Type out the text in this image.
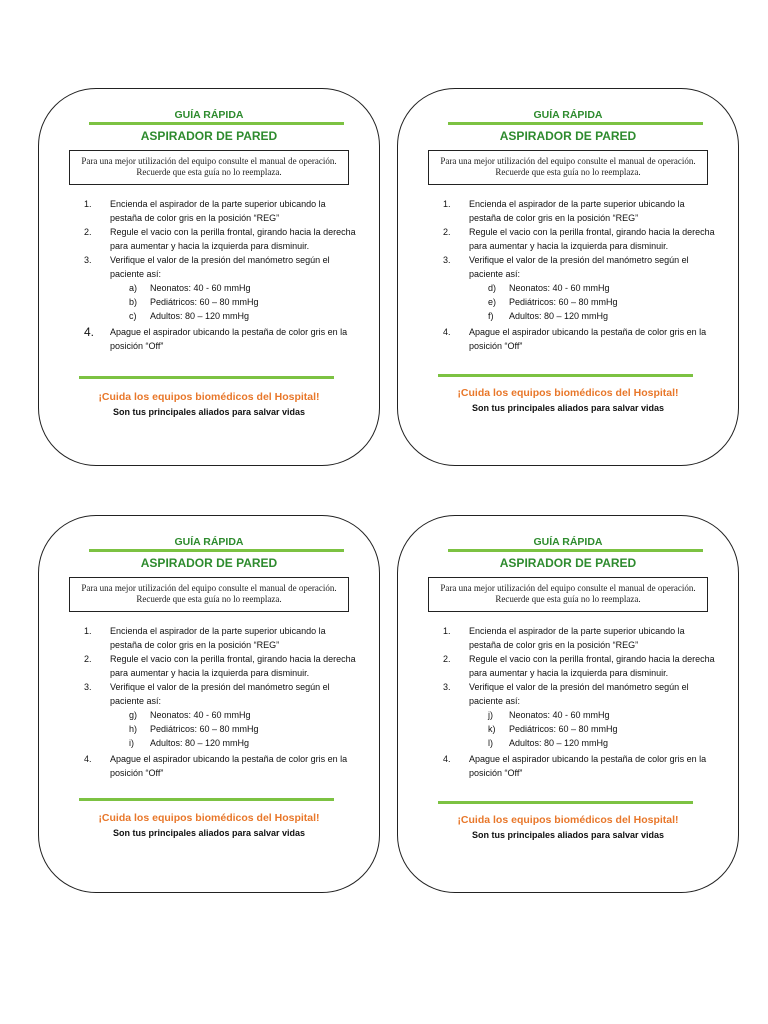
GUÍA RÁPIDA
ASPIRADOR DE PARED
Para una mejor utilización del equipo consulte el manual de operación. Recuerde que esta guía no lo reemplaza.
1.	Encienda el aspirador de la parte superior ubicando la pestaña de color gris en la posición “REG”
2.	Regule el vacio con la perilla frontal, girando hacia la derecha para aumentar y hacia la izquierda para disminuir.
3.	Verifique el valor de la presión del manómetro según el paciente así:
a)	Neonatos: 40 - 60 mmHg
b)	Pediátricos: 60 – 80 mmHg
c)	Adultos: 80 – 120 mmHg
4.	Apague el aspirador ubicando la pestaña de color gris en la posición “Off”
¡Cuida los equipos biomédicos del Hospital!
Son tus principales aliados para salvar vidas
GUÍA RÁPIDA
ASPIRADOR DE PARED
Para una mejor utilización del equipo consulte el manual de operación. Recuerde que esta guía no lo reemplaza.
1.	Encienda el aspirador de la parte superior ubicando la pestaña de color gris en la posición “REG”
2.	Regule el vacio con la perilla frontal, girando hacia la derecha para aumentar y hacia la izquierda para disminuir.
3.	Verifique el valor de la presión del manómetro según el paciente así:
d)	Neonatos: 40 - 60 mmHg
e)	Pediátricos: 60 – 80 mmHg
f)	Adultos: 80 – 120 mmHg
4.	Apague el aspirador ubicando la pestaña de color gris en la posición “Off”
¡Cuida los equipos biomédicos del Hospital!
Son tus principales aliados para salvar vidas
GUÍA RÁPIDA
ASPIRADOR DE PARED
Para una mejor utilización del equipo consulte el manual de operación. Recuerde que esta guía no lo reemplaza.
1.	Encienda el aspirador de la parte superior ubicando la pestaña de color gris en la posición “REG”
2.	Regule el vacio con la perilla frontal, girando hacia la derecha para aumentar y hacia la izquierda para disminuir.
3.	Verifique el valor de la presión del manómetro según el paciente así:
g)	Neonatos: 40 - 60 mmHg
h)	Pediátricos: 60 – 80 mmHg
i)	Adultos: 80 – 120 mmHg
4.	Apague el aspirador ubicando la pestaña de color gris en la posición “Off”
¡Cuida los equipos biomédicos del Hospital!
Son tus principales aliados para salvar vidas
GUÍA RÁPIDA
ASPIRADOR DE PARED
Para una mejor utilización del equipo consulte el manual de operación. Recuerde que esta guía no lo reemplaza.
1.	Encienda el aspirador de la parte superior ubicando la pestaña de color gris en la posición “REG”
2.	Regule el vacio con la perilla frontal, girando hacia la derecha para aumentar y hacia la izquierda para disminuir.
3.	Verifique el valor de la presión del manómetro según el paciente así:
j)	Neonatos: 40 - 60 mmHg
k)	Pediátricos: 60 – 80 mmHg
l)	Adultos: 80 – 120 mmHg
4.	Apague el aspirador ubicando la pestaña de color gris en la posición “Off”
¡Cuida los equipos biomédicos del Hospital!
Son tus principales aliados para salvar vidas
